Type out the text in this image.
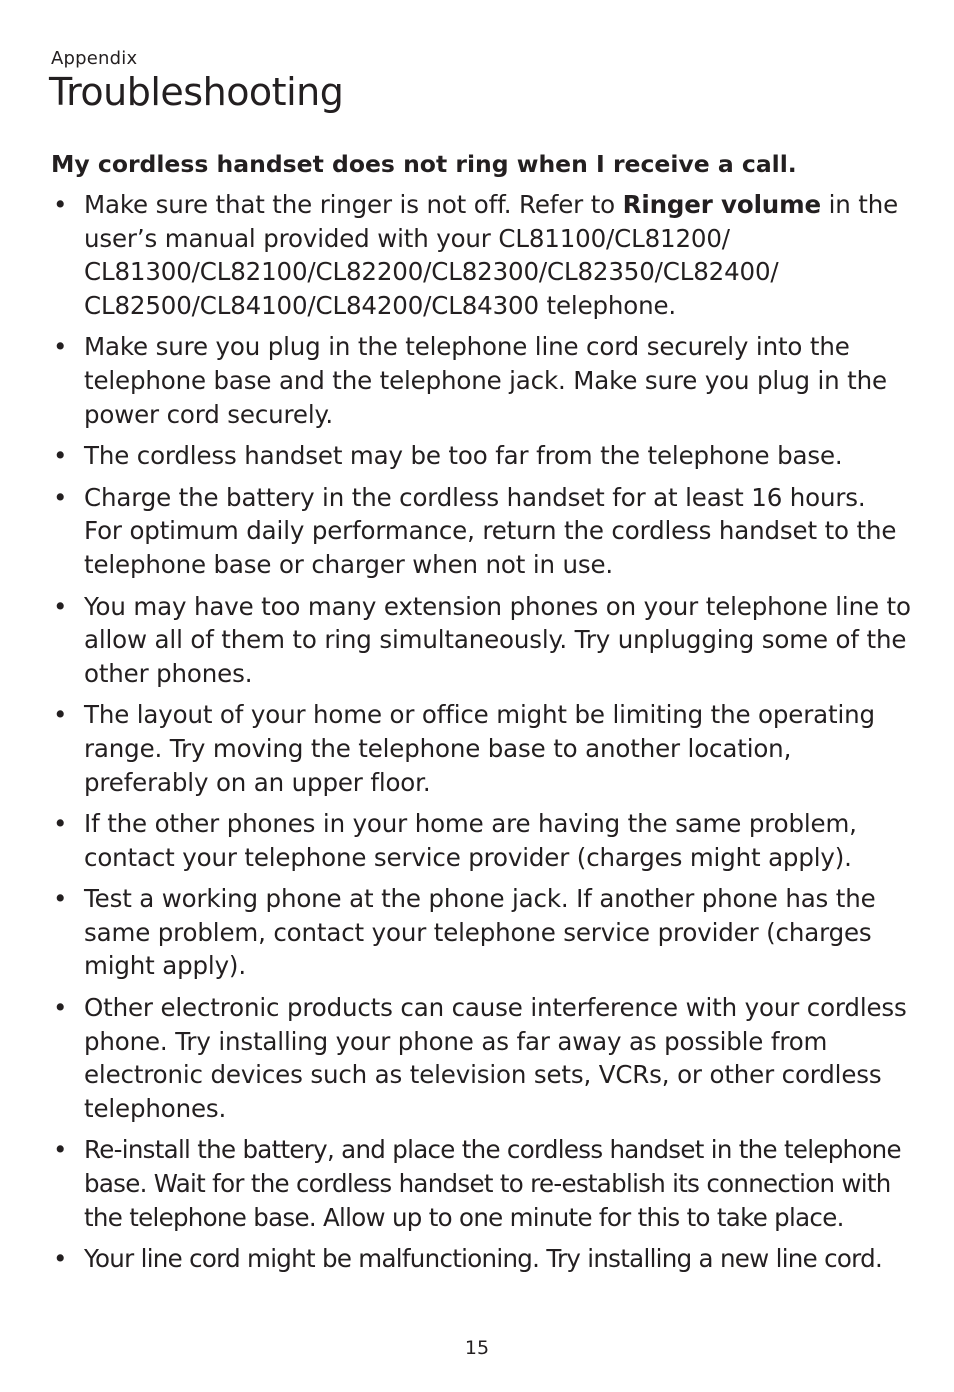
Appendix
Troubleshooting
My cordless handset does not ring when I receive a call.
• Make sure that the ringer is not off. Refer to Ringer volume in the user’s manual provided with your CL81100/CL81200/ CL81300/CL82100/CL82200/CL82300/CL82350/CL82400/ CL82500/CL84100/CL84200/CL84300 telephone.
• Make sure you plug in the telephone line cord securely into the telephone base and the telephone jack. Make sure you plug in the power cord securely.
• The cordless handset may be too far from the telephone base.
• Charge the battery in the cordless handset for at least 16 hours. For optimum daily performance, return the cordless handset to the telephone base or charger when not in use.
• You may have too many extension phones on your telephone line to allow all of them to ring simultaneously. Try unplugging some of the other phones.
• The layout of your home or office might be limiting the operating range. Try moving the telephone base to another location, preferably on an upper floor.
• If the other phones in your home are having the same problem, contact your telephone service provider (charges might apply).
• Test a working phone at the phone jack. If another phone has the same problem, contact your telephone service provider (charges might apply).
• Other electronic products can cause interference with your cordless phone. Try installing your phone as far away as possible from electronic devices such as television sets, VCRs, or other cordless telephones.
• Re-install the battery, and place the cordless handset in the telephone base. Wait for the cordless handset to re-establish its connection with the telephone base. Allow up to one minute for this to take place.
• Your line cord might be malfunctioning. Try installing a new line cord.
15
